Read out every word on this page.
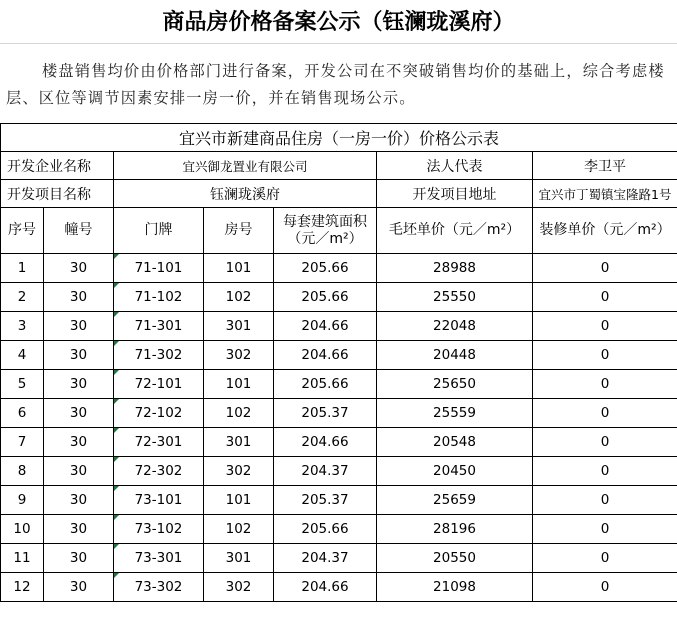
商品房价格备案公示（钰澜珑溪府）
楼盘销售均价由价格部门进行备案，开发公司在不突破销售均价的基础上，综合考虑楼层、区位等调节因素安排一房一价，并在销售现场公示。
宜兴市新建商品住房（一房一价）价格公示表						
开发企业名称		宜兴御龙置业有限公司			法人代表	李卫平
开发项目名称		钰澜珑溪府			开发项目地址	宜兴市丁蜀镇宝隆路1号
序号	幢号	门牌	房号	每套建筑面积（元／m²）	毛坯单价（元／m²）	装修单价（元／m²）
1	30	71-101	101	205.66	28988	0
2	30	71-102	102	205.66	25550	0
3	30	71-301	301	204.66	22048	0
4	30	71-302	302	204.66	20448	0
5	30	72-101	101	205.66	25650	0
6	30	72-102	102	205.37	25559	0
7	30	72-301	301	204.66	20548	0
8	30	72-302	302	204.37	20450	0
9	30	73-101	101	205.37	25659	0
10	30	73-102	102	205.66	28196	0
11	30	73-301	301	204.37	20550	0
12	30	73-302	302	204.66	21098	0
